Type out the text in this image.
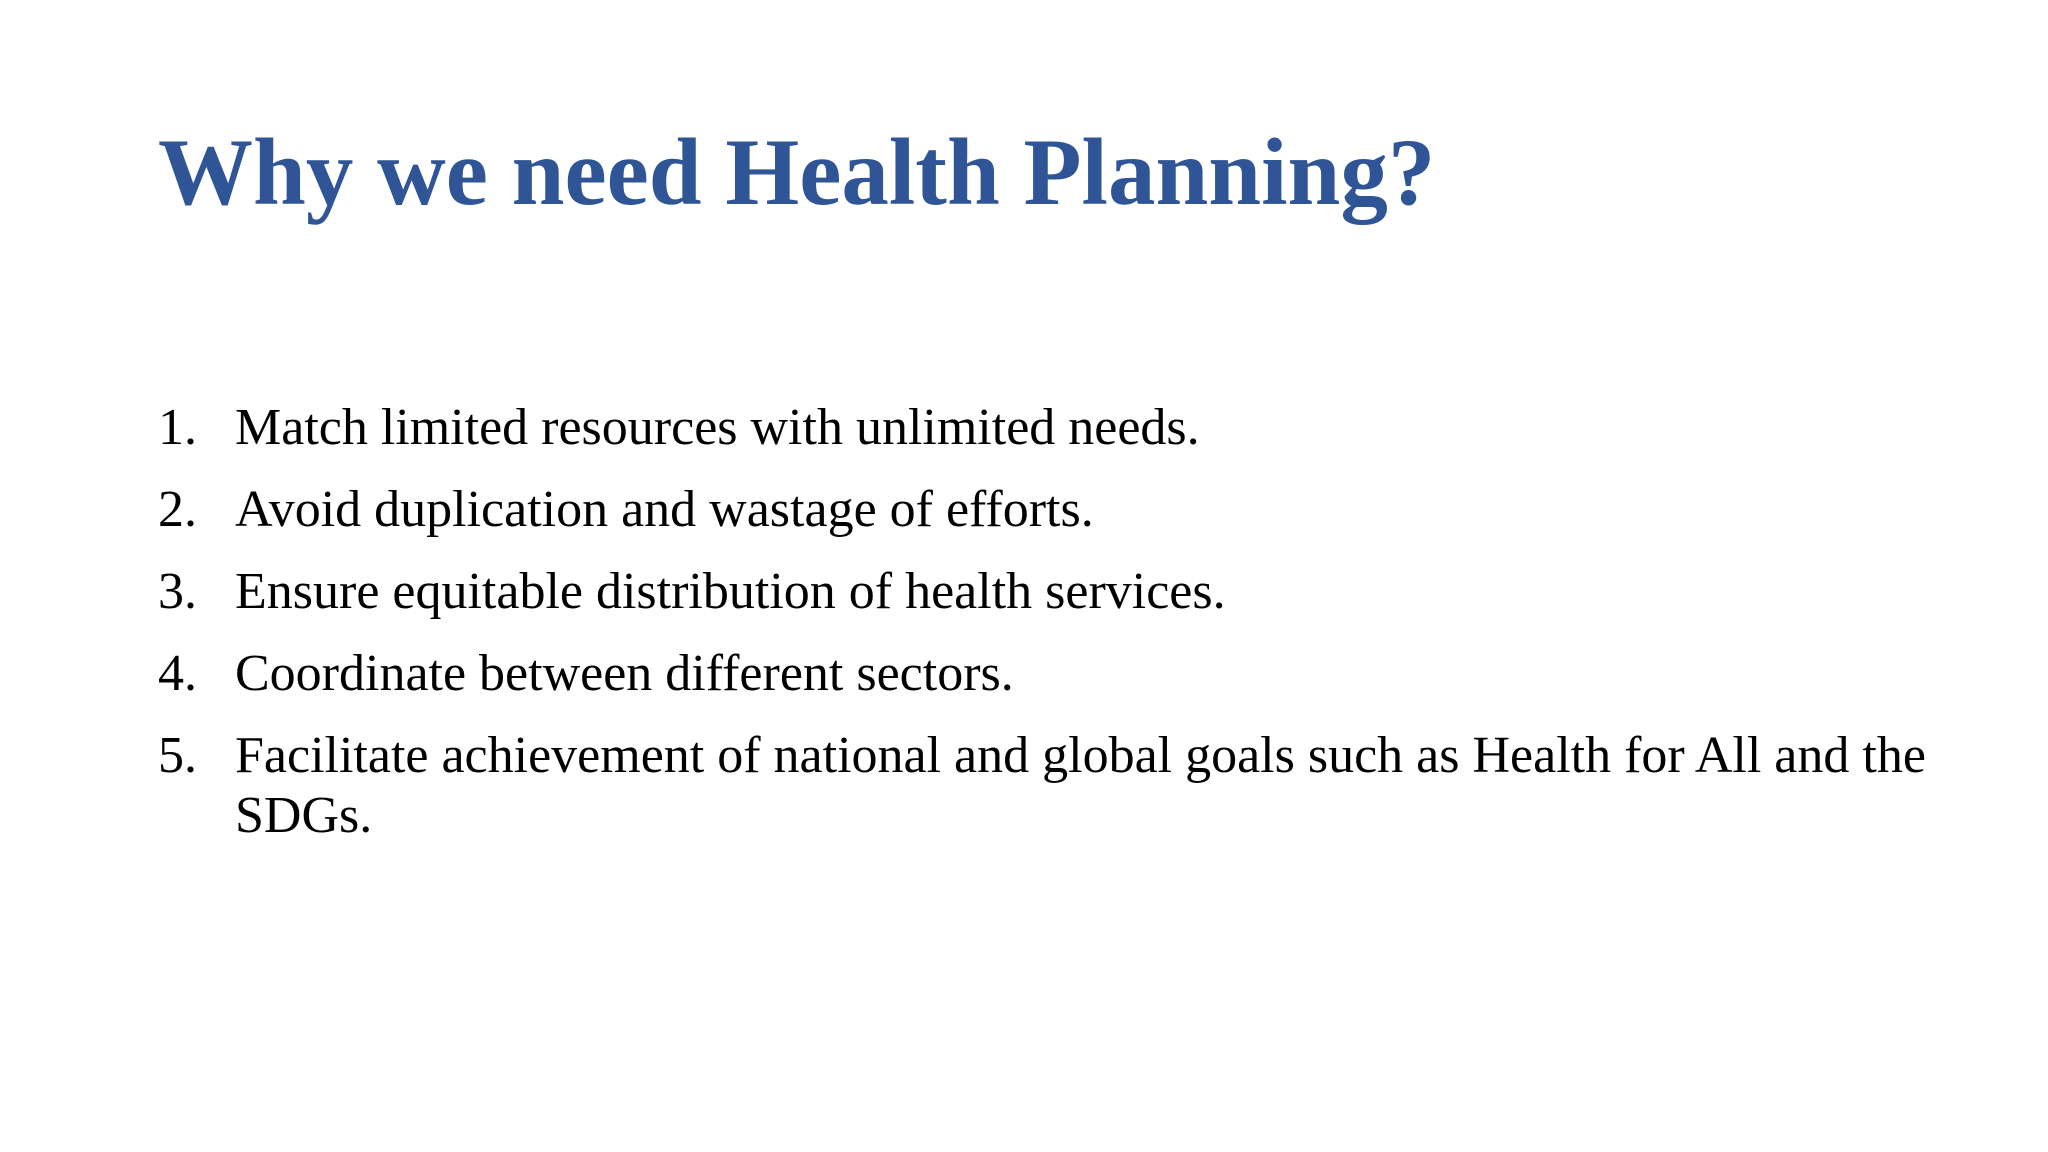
Why we need Health Planning?
1. Match limited resources with unlimited needs.
2. Avoid duplication and wastage of efforts.
3. Ensure equitable distribution of health services.
4. Coordinate between different sectors.
5. Facilitate achievement of national and global goals such as Health for All and the SDGs.
